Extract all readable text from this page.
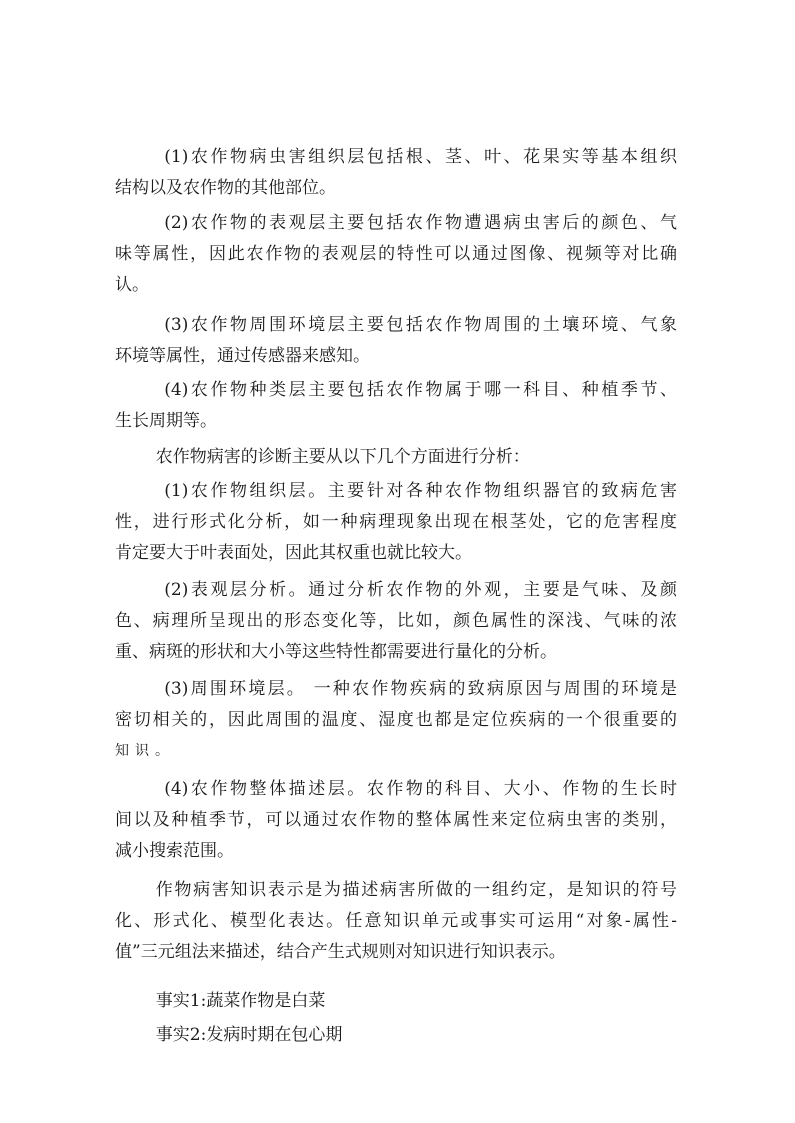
(1)农作物病虫害组织层包括根、茎、叶、花果实等基本组织
结构以及农作物的其他部位。

(2)农作物的表观层主要包括农作物遭遇病虫害后的颜色、气
味等属性，因此农作物的表观层的特性可以通过图像、视频等对比确
认。

(3)农作物周围环境层主要包括农作物周围的土壤环境、气象
环境等属性，通过传感器来感知。

(4)农作物种类层主要包括农作物属于哪一科目、种植季节、
生长周期等。

农作物病害的诊断主要从以下几个方面进行分析：

(1)农作物组织层。主要针对各种农作物组织器官的致病危害
性，进行形式化分析，如一种病理现象出现在根茎处，它的危害程度
肯定要大于叶表面处，因此其权重也就比较大。

(2)表观层分析。通过分析农作物的外观，主要是气味、及颜
色、病理所呈现出的形态变化等，比如，颜色属性的深浅、气味的浓
重、病斑的形状和大小等这些特性都需要进行量化的分析。

(3)周围环境层。 一种农作物疾病的致病原因与周围的环境是
密切相关的，因此周围的温度、湿度也都是定位疾病的一个很重要的
知识。

(4)农作物整体描述层。农作物的科目、大小、作物的生长时
间以及种植季节，可以通过农作物的整体属性来定位病虫害的类别，
减小搜索范围。

作物病害知识表示是为描述病害所做的一组约定，是知识的符号
化、形式化、模型化表达。任意知识单元或事实可运用“对象-属性-
值”三元组法来描述，结合产生式规则对知识进行知识表示。

事实1:蔬菜作物是白菜

事实2:发病时期在包心期
